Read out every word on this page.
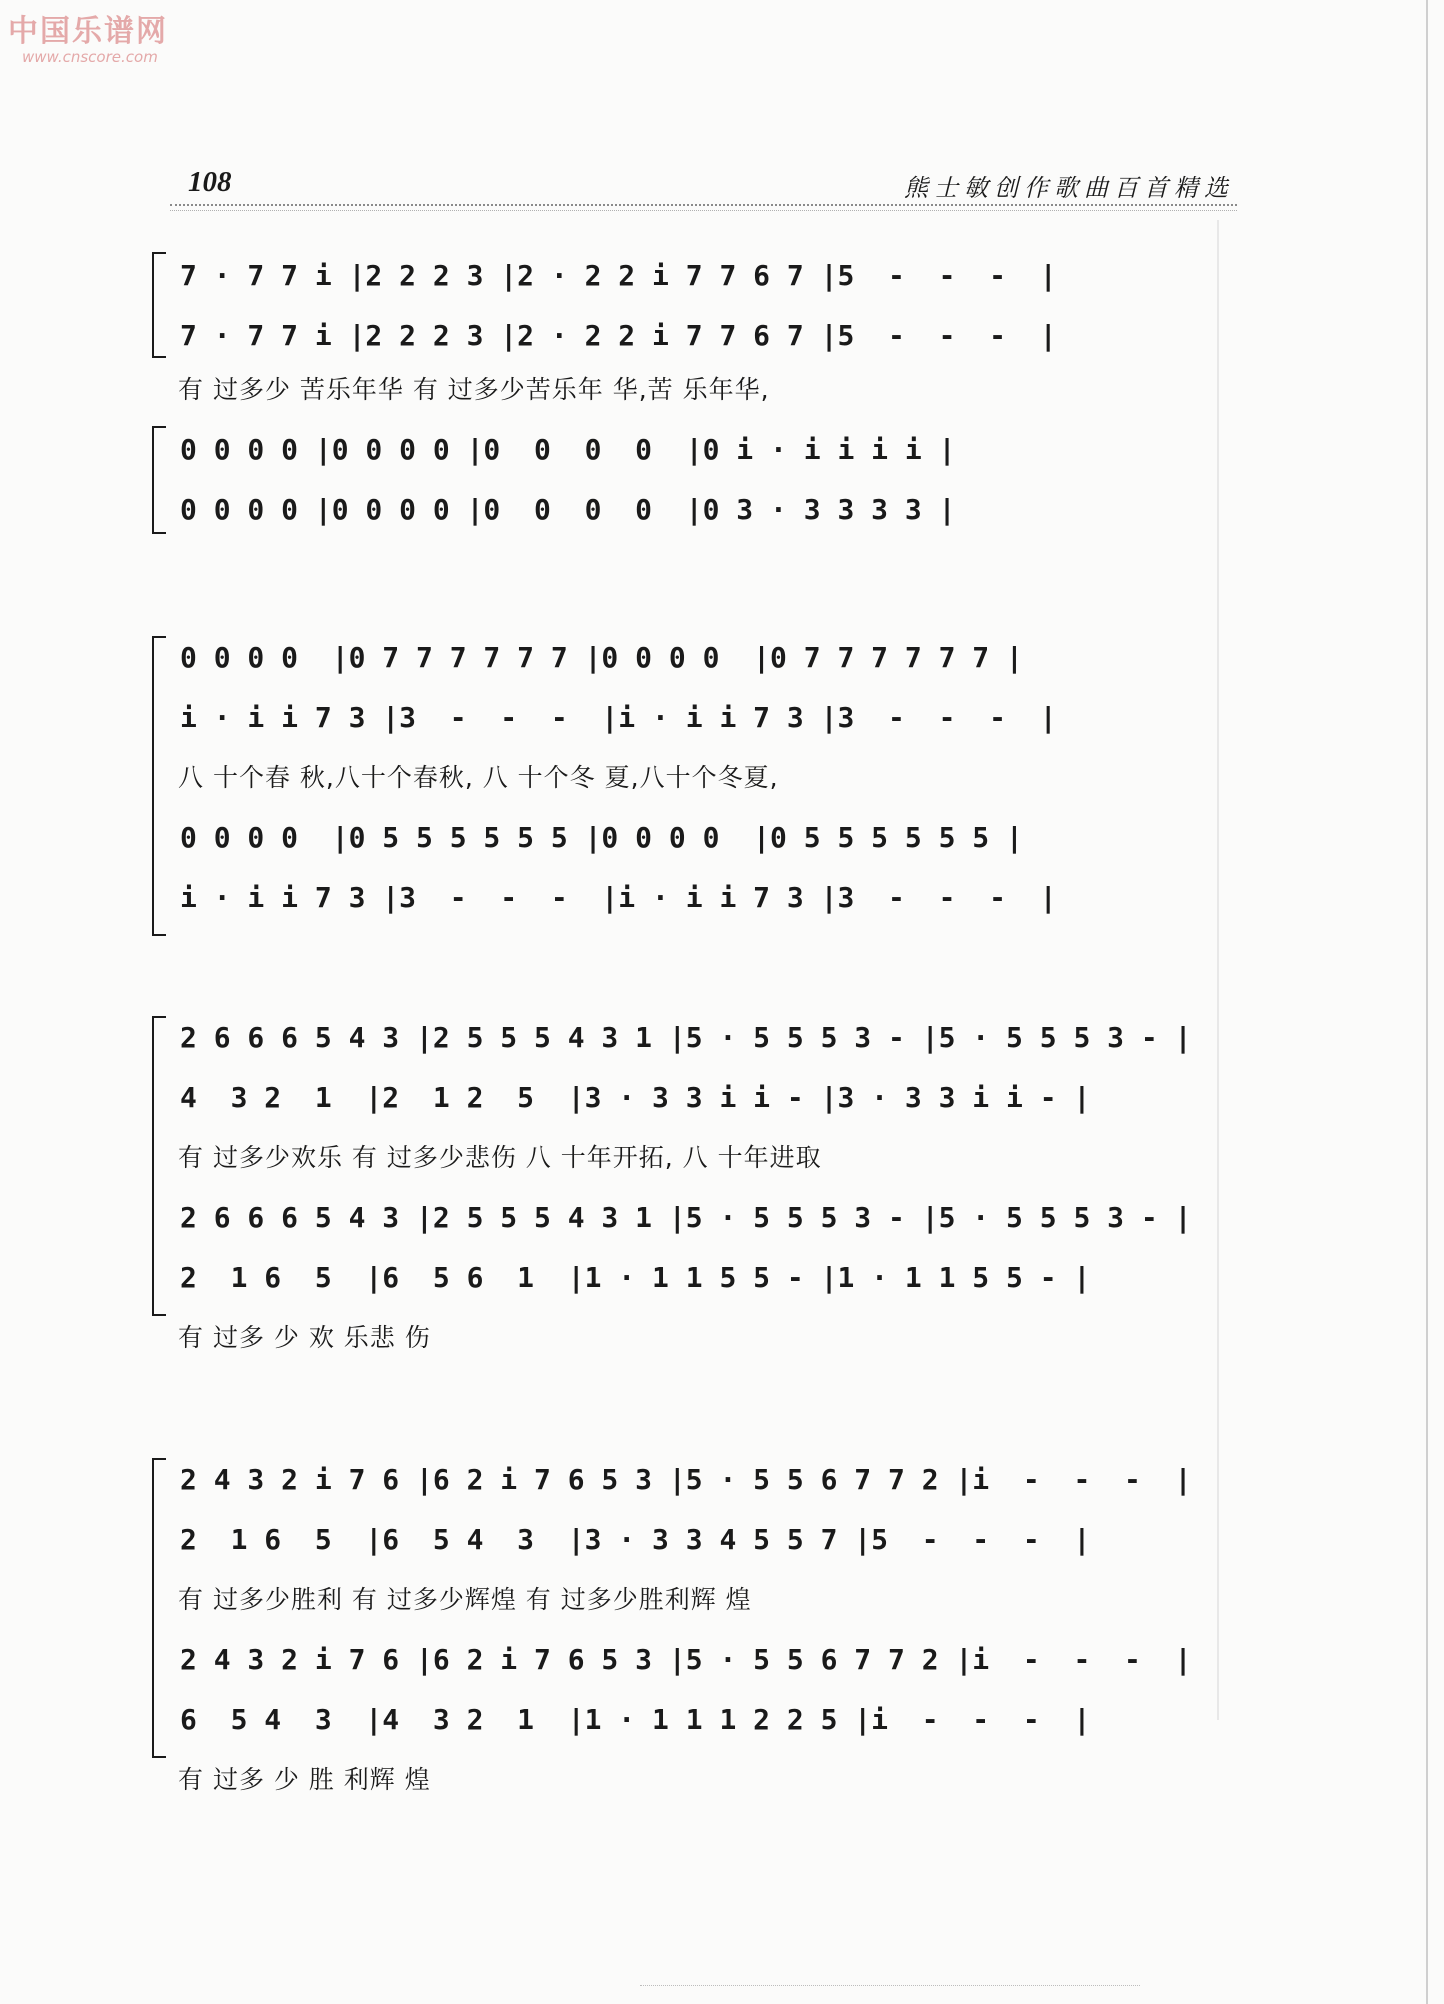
中国乐谱网
www.cnscore.com
108	熊士敏创作歌曲百首精选
7 · 7 7 i |2 2 2 3 |2 · 2 2 i 7 7 6 7 |5  -  -  -  |
7 · 7 7 i |2 2 2 3 |2 · 2 2 i 7 7 6 7 |5  -  -  -  |
有 过多少 苦乐年华 有 过多少苦乐年 华,苦 乐年华,
0 0 0 0 |0 0 0 0 |0  0  0  0  |0 i · i i i i |
0 0 0 0 |0 0 0 0 |0  0  0  0  |0 3 · 3 3 3 3 |
0 0 0 0  |0 7 7 7 7 7 7 |0 0 0 0  |0 7 7 7 7 7 7 |
i · i i 7 3 |3  -  -  -  |i · i i 7 3 |3  -  -  -  |
八 十个春 秋,八十个春秋, 八 十个冬 夏,八十个冬夏,
0 0 0 0  |0 5 5 5 5 5 5 |0 0 0 0  |0 5 5 5 5 5 5 |
i · i i 7 3 |3  -  -  -  |i · i i 7 3 |3  -  -  -  |
2 6 6 6 5 4 3 |2 5 5 5 4 3 1 |5 · 5 5 5 3 - |5 · 5 5 5 3 - |
4  3 2  1  |2  1 2  5  |3 · 3 3 i i - |3 · 3 3 i i - |
有 过多少欢乐 有 过多少悲伤 八 十年开拓, 八 十年进取
2 6 6 6 5 4 3 |2 5 5 5 4 3 1 |5 · 5 5 5 3 - |5 · 5 5 5 3 - |
2  1 6  5  |6  5 6  1  |1 · 1 1 5 5 - |1 · 1 1 5 5 - |
有 过多 少 欢 乐悲 伤
2 4 3 2 i 7 6 |6 2 i 7 6 5 3 |5 · 5 5 6 7 7 2 |i  -  -  -  |
2  1 6  5  |6  5 4  3  |3 · 3 3 4 5 5 7 |5  -  -  -  |
有 过多少胜利 有 过多少辉煌 有 过多少胜利辉 煌
2 4 3 2 i 7 6 |6 2 i 7 6 5 3 |5 · 5 5 6 7 7 2 |i  -  -  -  |
6  5 4  3  |4  3 2  1  |1 · 1 1 1 2 2 5 |i  -  -  -  |
有 过多 少 胜 利辉 煌
